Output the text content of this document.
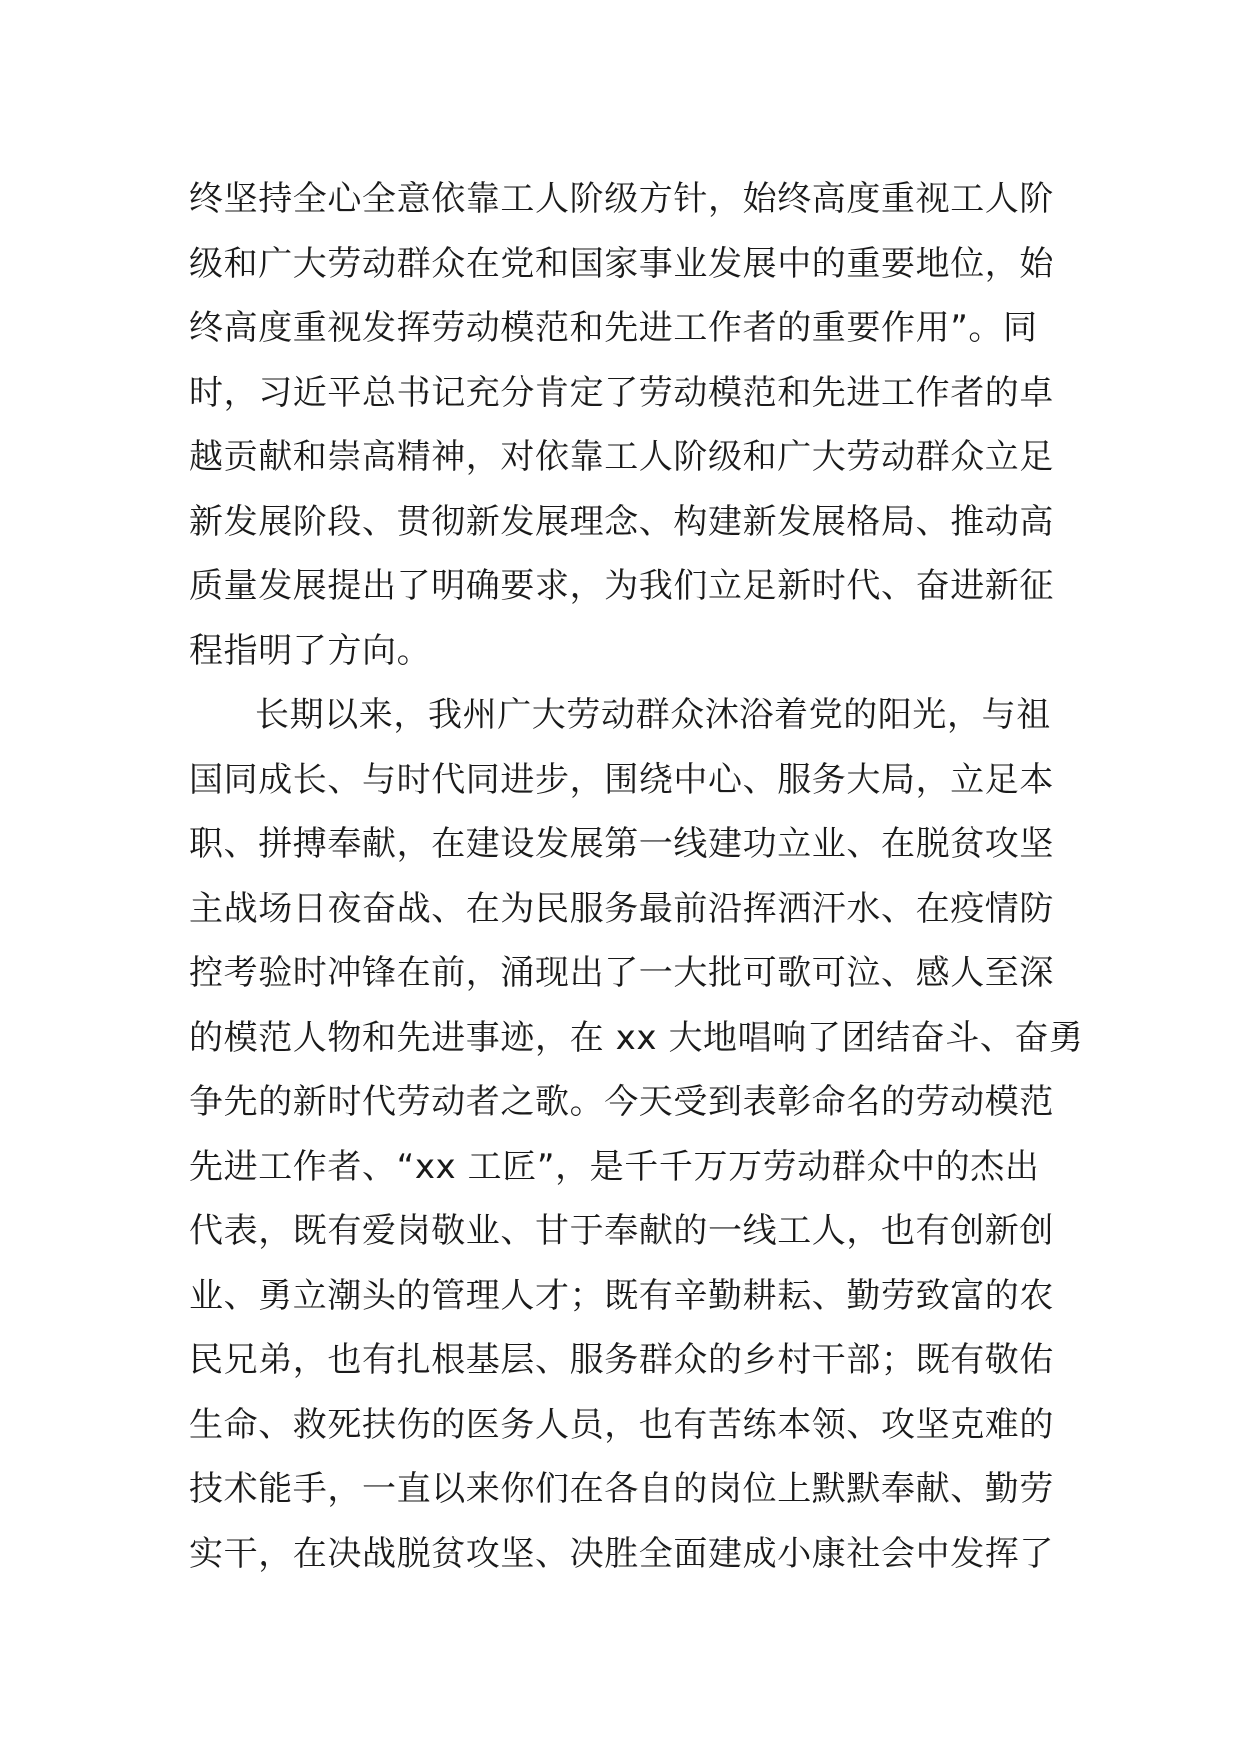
终坚持全心全意依靠工人阶级方针，始终高度重视工人阶
级和广大劳动群众在党和国家事业发展中的重要地位，始
终高度重视发挥劳动模范和先进工作者的重要作用”。同
时，习近平总书记充分肯定了劳动模范和先进工作者的卓
越贡献和崇高精神，对依靠工人阶级和广大劳动群众立足
新发展阶段、贯彻新发展理念、构建新发展格局、推动高
质量发展提出了明确要求，为我们立足新时代、奋进新征
程指明了方向。
长期以来，我州广大劳动群众沐浴着党的阳光，与祖
国同成长、与时代同进步，围绕中心、服务大局，立足本
职、拼搏奉献，在建设发展第一线建功立业、在脱贫攻坚
主战场日夜奋战、在为民服务最前沿挥洒汗水、在疫情防
控考验时冲锋在前，涌现出了一大批可歌可泣、感人至深
的模范人物和先进事迹，在 xx 大地唱响了团结奋斗、奋勇
争先的新时代劳动者之歌。今天受到表彰命名的劳动模范
先进工作者、“xx 工匠”，是千千万万劳动群众中的杰出
代表，既有爱岗敬业、甘于奉献的一线工人，也有创新创
业、勇立潮头的管理人才；既有辛勤耕耘、勤劳致富的农
民兄弟，也有扎根基层、服务群众的乡村干部；既有敬佑
生命、救死扶伤的医务人员，也有苦练本领、攻坚克难的
技术能手，一直以来你们在各自的岗位上默默奉献、勤劳
实干，在决战脱贫攻坚、决胜全面建成小康社会中发挥了
